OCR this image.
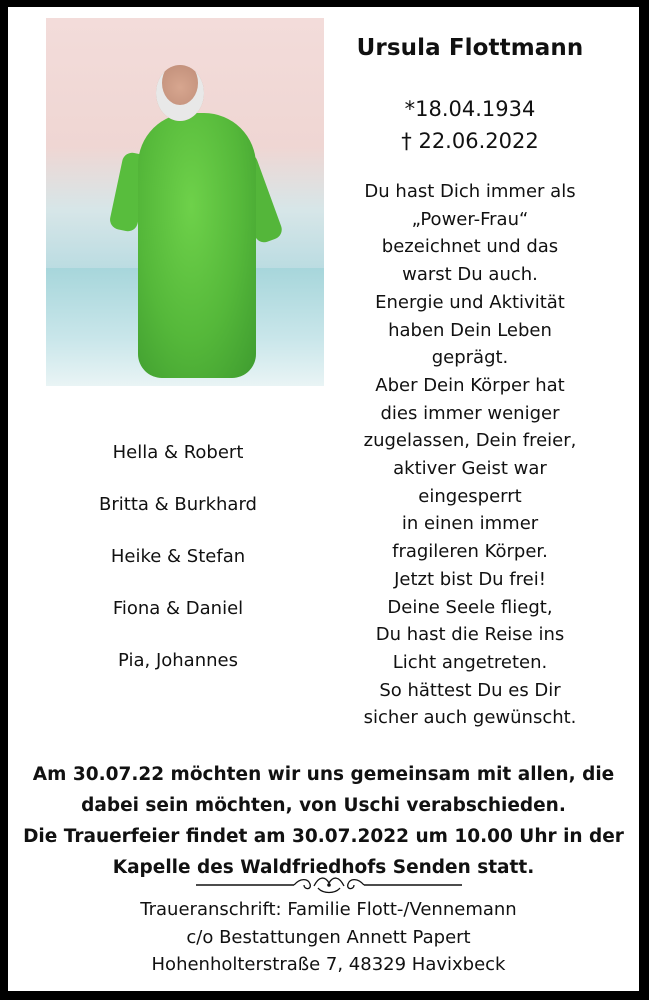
Ursula Flottmann
*18.04.1934
† 22.06.2022
Du hast Dich immer als
„Power-Frau“
bezeichnet und das
warst Du auch.
Energie und Aktivität
haben Dein Leben
geprägt.
Aber Dein Körper hat
dies immer weniger
zugelassen, Dein freier,
aktiver Geist war
eingesperrt
in einen immer
fragileren Körper.
Jetzt bist Du frei!
Deine Seele fliegt,
Du hast die Reise ins
Licht angetreten.
So hättest Du es Dir
sicher auch gewünscht.
Hella & Robert
Britta & Burkhard
Heike & Stefan
Fiona & Daniel
Pia, Johannes
Am 30.07.22 möchten wir uns gemeinsam mit allen, die
dabei sein möchten, von Uschi verabschieden.
Die Trauerfeier findet am 30.07.2022 um 10.00 Uhr in der
Kapelle des Waldfriedhofs Senden statt.
Traueranschrift: Familie Flott-/Vennemann
c/o Bestattungen Annett Papert
Hohenholterstraße 7, 48329 Havixbeck
